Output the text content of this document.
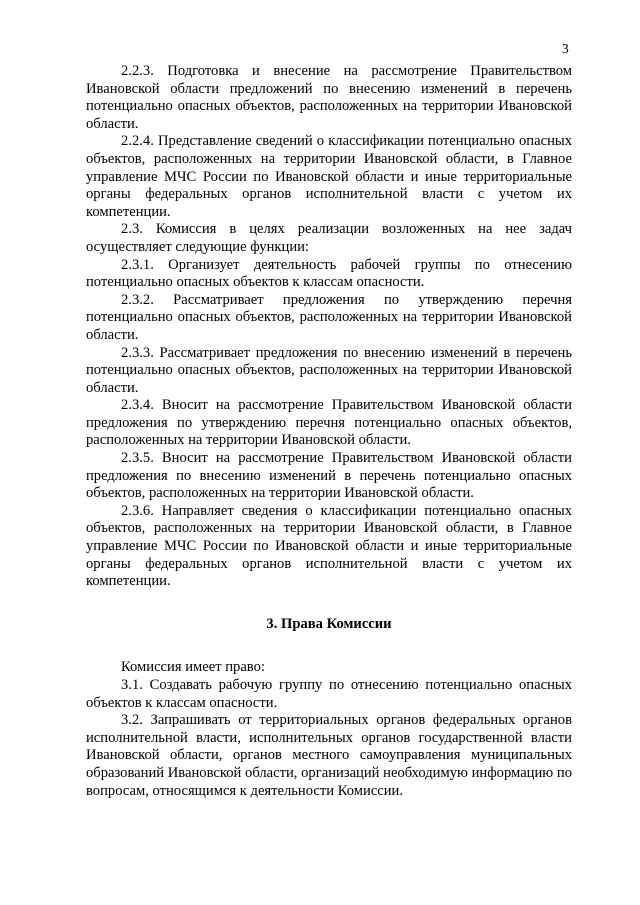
3

2.2.3. Подготовка и внесение на рассмотрение Правительством Ивановской области предложений по внесению изменений в перечень потенциально опасных объектов, расположенных на территории Ивановской области.

2.2.4. Представление сведений о классификации потенциально опасных объектов, расположенных на территории Ивановской области, в Главное управление МЧС России по Ивановской области и иные территориальные органы федеральных органов исполнительной власти с учетом их компетенции.

2.3. Комиссия в целях реализации возложенных на нее задач осуществляет следующие функции:

2.3.1. Организует деятельность рабочей группы по отнесению потенциально опасных объектов к классам опасности.

2.3.2. Рассматривает предложения по утверждению перечня потенциально опасных объектов, расположенных на территории Ивановской области.

2.3.3. Рассматривает предложения по внесению изменений в перечень потенциально опасных объектов, расположенных на территории Ивановской области.

2.3.4. Вносит на рассмотрение Правительством Ивановской области предложения по утверждению перечня потенциально опасных объектов, расположенных на территории Ивановской области.

2.3.5. Вносит на рассмотрение Правительством Ивановской области предложения по внесению изменений в перечень потенциально опасных объектов, расположенных на территории Ивановской области.

2.3.6. Направляет сведения о классификации потенциально опасных объектов, расположенных на территории Ивановской области, в Главное управление МЧС России по Ивановской области и иные территориальные органы федеральных органов исполнительной власти с учетом их компетенции.

3. Права Комиссии

Комиссия имеет право:

3.1. Создавать рабочую группу по отнесению потенциально опасных объектов к классам опасности.

3.2. Запрашивать от территориальных органов федеральных органов исполнительной власти, исполнительных органов государственной власти Ивановской области, органов местного самоуправления муниципальных образований Ивановской области, организаций необходимую информацию по вопросам, относящимся к деятельности Комиссии.
